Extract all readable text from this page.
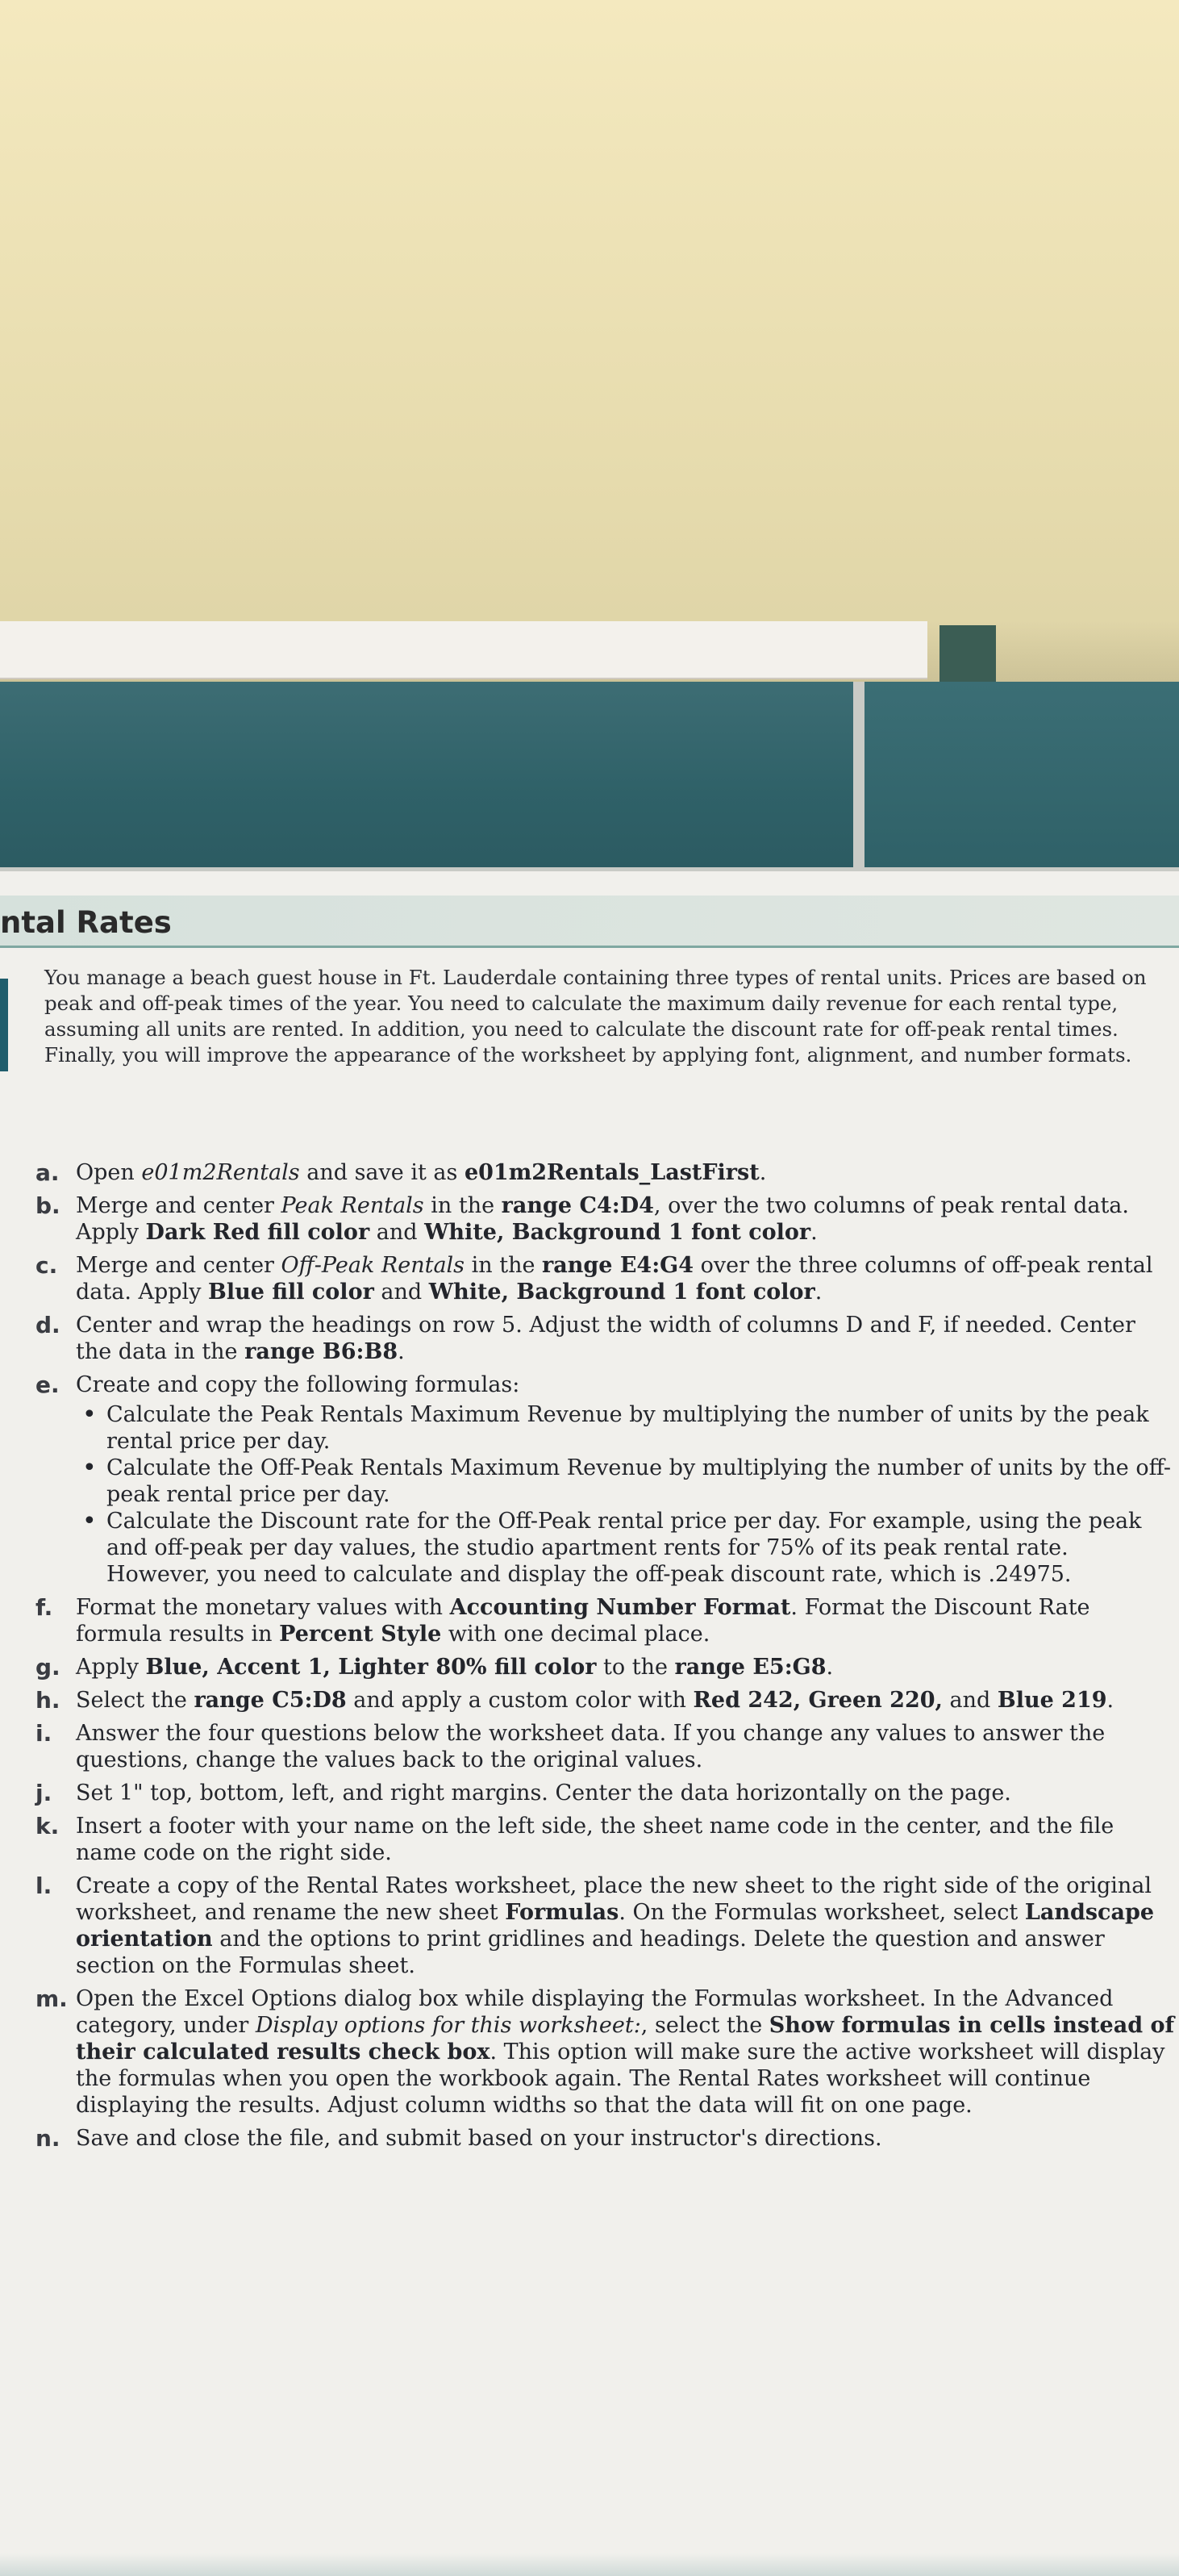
ntal Rates

You manage a beach guest house in Ft. Lauderdale containing three types of rental units. Prices are based on peak and off-peak times of the year. You need to calculate the maximum daily revenue for each rental type, assuming all units are rented. In addition, you need to calculate the discount rate for off-peak rental times. Finally, you will improve the appearance of the worksheet by applying font, alignment, and number formats.

a. Open e01m2Rentals and save it as e01m2Rentals_LastFirst.
b. Merge and center Peak Rentals in the range C4:D4, over the two columns of peak rental data. Apply Dark Red fill color and White, Background 1 font color.
c. Merge and center Off-Peak Rentals in the range E4:G4 over the three columns of off-peak rental data. Apply Blue fill color and White, Background 1 font color.
d. Center and wrap the headings on row 5. Adjust the width of columns D and F, if needed. Center the data in the range B6:B8.
e. Create and copy the following formulas:
• Calculate the Peak Rentals Maximum Revenue by multiplying the number of units by the peak rental price per day.
• Calculate the Off-Peak Rentals Maximum Revenue by multiplying the number of units by the off-peak rental price per day.
• Calculate the Discount rate for the Off-Peak rental price per day. For example, using the peak and off-peak per day values, the studio apartment rents for 75% of its peak rental rate. However, you need to calculate and display the off-peak discount rate, which is .24975.
f. Format the monetary values with Accounting Number Format. Format the Discount Rate formula results in Percent Style with one decimal place.
g. Apply Blue, Accent 1, Lighter 80% fill color to the range E5:G8.
h. Select the range C5:D8 and apply a custom color with Red 242, Green 220, and Blue 219.
i. Answer the four questions below the worksheet data. If you change any values to answer the questions, change the values back to the original values.
j. Set 1" top, bottom, left, and right margins. Center the data horizontally on the page.
k. Insert a footer with your name on the left side, the sheet name code in the center, and the file name code on the right side.
l. Create a copy of the Rental Rates worksheet, place the new sheet to the right side of the original worksheet, and rename the new sheet Formulas. On the Formulas worksheet, select Landscape orientation and the options to print gridlines and headings. Delete the question and answer section on the Formulas sheet.
m. Open the Excel Options dialog box while displaying the Formulas worksheet. In the Advanced category, under Display options for this worksheet:, select the Show formulas in cells instead of their calculated results check box. This option will make sure the active worksheet will display the formulas when you open the workbook again. The Rental Rates worksheet will continue displaying the results. Adjust column widths so that the data will fit on one page.
n. Save and close the file, and submit based on your instructor's directions.
